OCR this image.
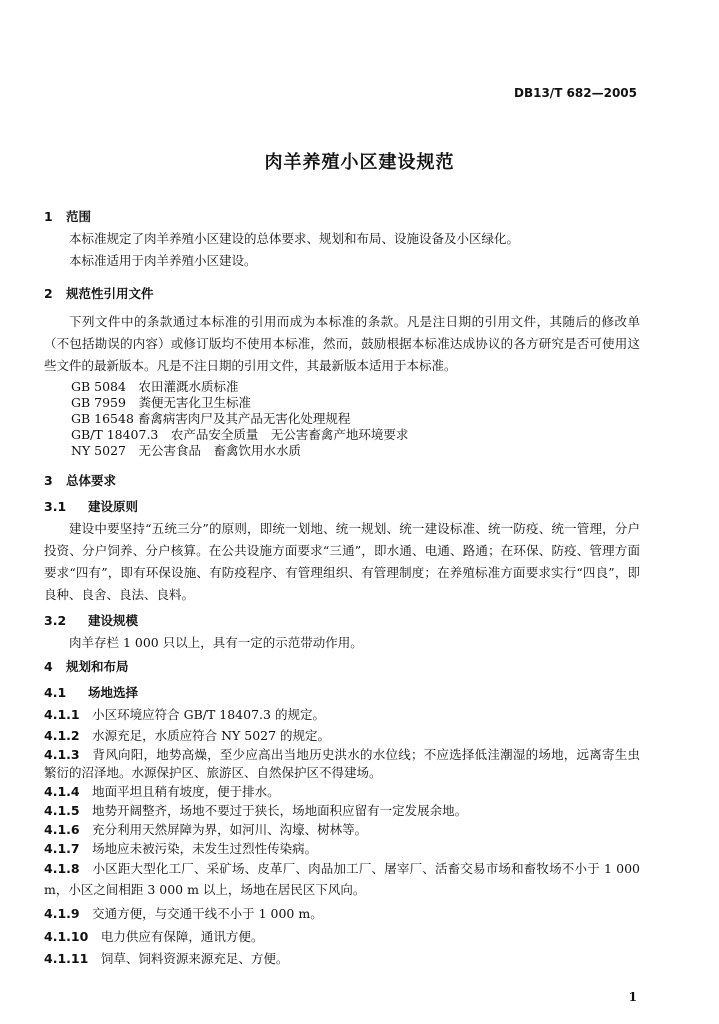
DB13/T 682—2005
肉羊养殖小区建设规范
1 范围
本标准规定了肉羊养殖小区建设的总体要求、规划和布局、设施设备及小区绿化。
本标准适用于肉羊养殖小区建设。
2 规范性引用文件
下列文件中的条款通过本标准的引用而成为本标准的条款。凡是注日期的引用文件，其随后的修改单（不包括勘误的内容）或修订版均不使用本标准，然而，鼓励根据本标准达成协议的各方研究是否可使用这些文件的最新版本。凡是不注日期的引用文件，其最新版本适用于本标准。
GB 5084　农田灌溉水质标准
GB 7959　粪便无害化卫生标准
GB 16548 畜禽病害肉尸及其产品无害化处理规程
GB/T 18407.3　农产品安全质量　无公害畜禽产地环境要求
NY 5027　无公害食品　畜禽饮用水水质
3 总体要求
3.1 建设原则
建设中要坚持“五统三分”的原则，即统一划地、统一规划、统一建设标准、统一防疫、统一管理，分户投资、分户饲养、分户核算。在公共设施方面要求“三通”，即水通、电通、路通；在环保、防疫、管理方面要求“四有”，即有环保设施、有防疫程序、有管理组织、有管理制度；在养殖标准方面要求实行“四良”，即良种、良舍、良法、良料。
3.2 建设规模
肉羊存栏 1 000 只以上，具有一定的示范带动作用。
4 规划和布局
4.1 场地选择
4.1.1　 小区环境应符合 GB/T 18407.3 的规定。
4.1.2　 水源充足，水质应符合 NY 5027 的规定。
4.1.3　 背风向阳，地势高燥，至少应高出当地历史洪水的水位线；不应选择低洼潮湿的场地，远离寄生虫繁衍的沼泽地。水源保护区、旅游区、自然保护区不得建场。
4.1.4　 地面平坦且稍有坡度，便于排水。
4.1.5　 地势开阔整齐，场地不要过于狭长，场地面积应留有一定发展余地。
4.1.6　 充分利用天然屏障为界，如河川、沟壕、树林等。
4.1.7　 场地应未被污染，未发生过烈性传染病。
4.1.8　 小区距大型化工厂、采矿场、皮革厂、肉品加工厂、屠宰厂、活畜交易市场和畜牧场不小于 1 000 m，小区之间相距 3 000 m 以上，场地在居民区下风向。
4.1.9　 交通方便，与交通干线不小于 1 000 m。
4.1.10　 电力供应有保障，通讯方便。
4.1.11　 饲草、饲料资源来源充足、方便。
1
